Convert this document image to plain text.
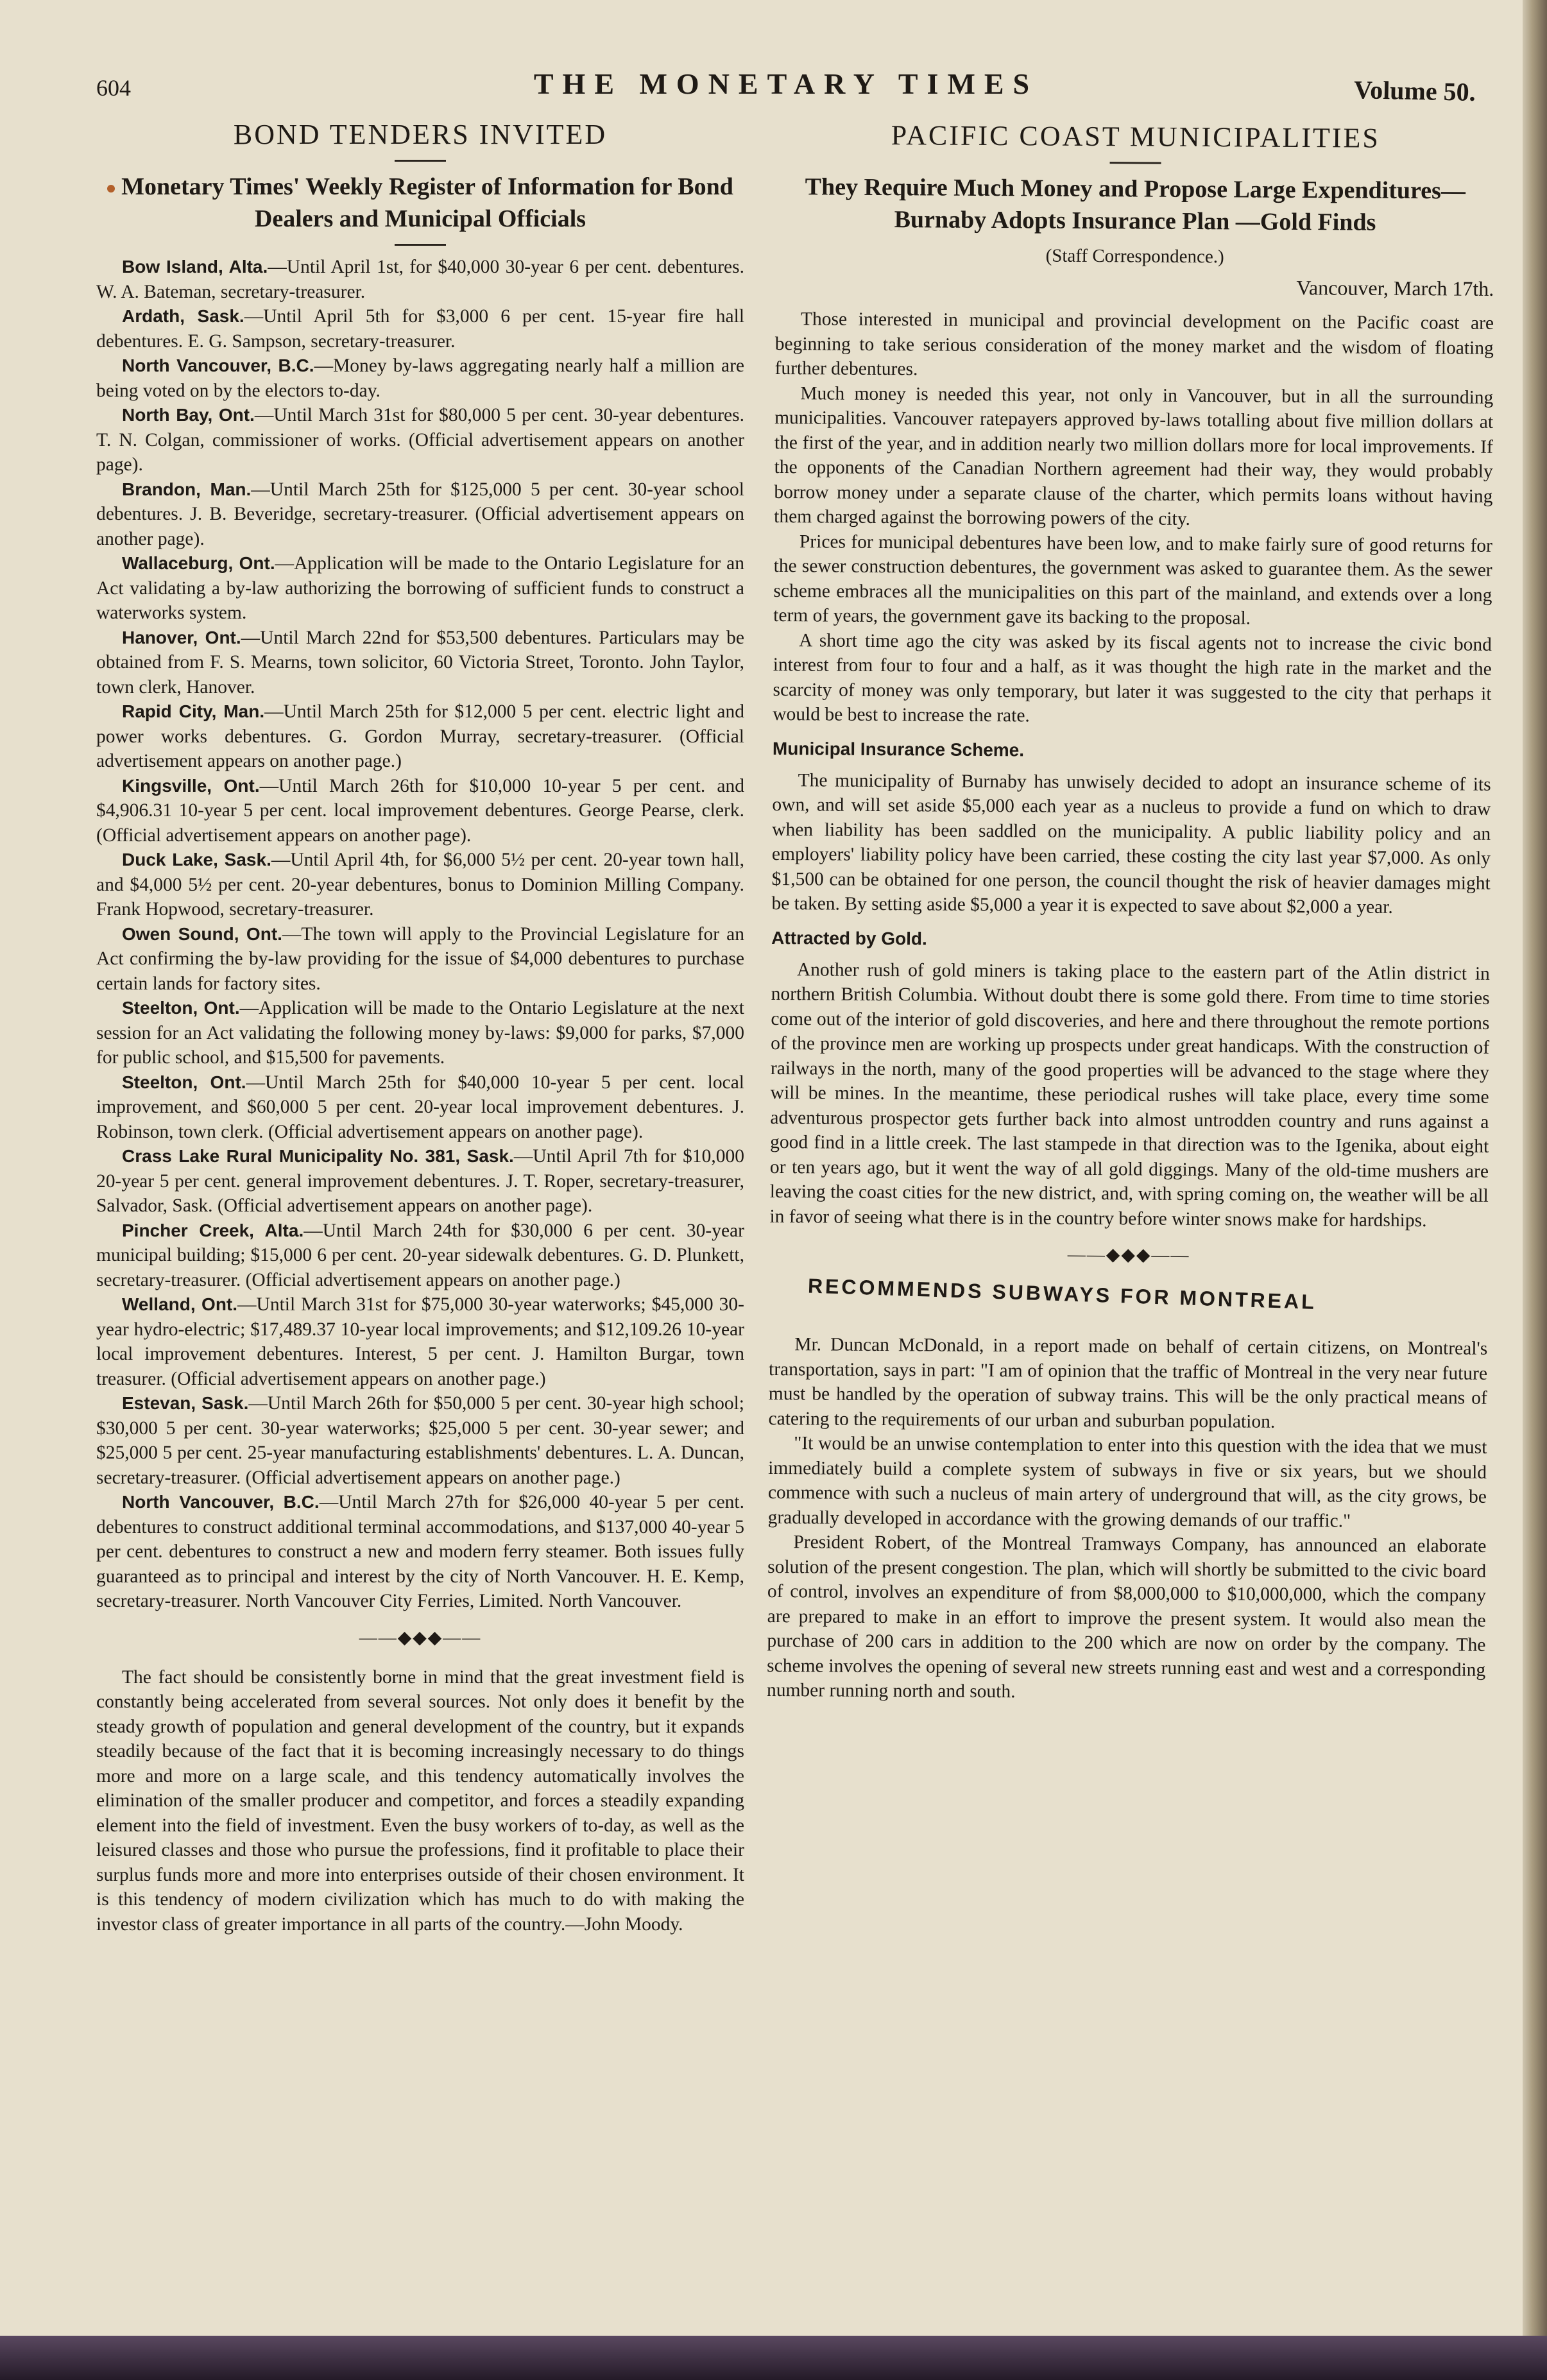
604	THE MONETARY TIMES	Volume 50.
BOND TENDERS INVITED
Monetary Times' Weekly Register of Information for Bond Dealers and Municipal Officials

Bow Island, Alta.—Until April 1st, for $40,000 30-year 6 per cent. debentures. W. A. Bateman, secretary-treasurer.

Ardath, Sask.—Until April 5th for $3,000 6 per cent. 15-year fire hall debentures. E. G. Sampson, secretary-treasurer.

North Vancouver, B.C.—Money by-laws aggregating nearly half a million are being voted on by the electors to-day.

North Bay, Ont.—Until March 31st for $80,000 5 per cent. 30-year debentures. T. N. Colgan, commissioner of works. (Official advertisement appears on another page).

Brandon, Man.—Until March 25th for $125,000 5 per cent. 30-year school debentures. J. B. Beveridge, secretary-treasurer. (Official advertisement appears on another page).

Wallaceburg, Ont.—Application will be made to the Ontario Legislature for an Act validating a by-law authorizing the borrowing of sufficient funds to construct a waterworks system.

Hanover, Ont.—Until March 22nd for $53,500 debentures. Particulars may be obtained from F. S. Mearns, town solicitor, 60 Victoria Street, Toronto. John Taylor, town clerk, Hanover.

Rapid City, Man.—Until March 25th for $12,000 5 per cent. electric light and power works debentures. G. Gordon Murray, secretary-treasurer. (Official advertisement appears on another page.)

Kingsville, Ont.—Until March 26th for $10,000 10-year 5 per cent. and $4,906.31 10-year 5 per cent. local improvement debentures. George Pearse, clerk. (Official advertisement appears on another page).

Duck Lake, Sask.—Until April 4th, for $6,000 5½ per cent. 20-year town hall, and $4,000 5½ per cent. 20-year debentures, bonus to Dominion Milling Company. Frank Hopwood, secretary-treasurer.

Owen Sound, Ont.—The town will apply to the Provincial Legislature for an Act confirming the by-law providing for the issue of $4,000 debentures to purchase certain lands for factory sites.

Steelton, Ont.—Application will be made to the Ontario Legislature at the next session for an Act validating the following money by-laws: $9,000 for parks, $7,000 for public school, and $15,500 for pavements.

Steelton, Ont.—Until March 25th for $40,000 10-year 5 per cent. local improvement, and $60,000 5 per cent. 20-year local improvement debentures. J. Robinson, town clerk. (Official advertisement appears on another page).

Crass Lake Rural Municipality No. 381, Sask.—Until April 7th for $10,000 20-year 5 per cent. general improvement debentures. J. T. Roper, secretary-treasurer, Salvador, Sask. (Official advertisement appears on another page).

Pincher Creek, Alta.—Until March 24th for $30,000 6 per cent. 30-year municipal building; $15,000 6 per cent. 20-year sidewalk debentures. G. D. Plunkett, secretary-treasurer. (Official advertisement appears on another page.)

Welland, Ont.—Until March 31st for $75,000 30-year waterworks; $45,000 30-year hydro-electric; $17,489.37 10-year local improvements; and $12,109.26 10-year local improvement debentures. Interest, 5 per cent. J. Hamilton Burgar, town treasurer. (Official advertisement appears on another page.)

Estevan, Sask.—Until March 26th for $50,000 5 per cent. 30-year high school; $30,000 5 per cent. 30-year waterworks; $25,000 5 per cent. 30-year sewer; and $25,000 5 per cent. 25-year manufacturing establishments' debentures. L. A. Duncan, secretary-treasurer. (Official advertisement appears on another page.)

North Vancouver, B.C.—Until March 27th for $26,000 40-year 5 per cent. debentures to construct additional terminal accommodations, and $137,000 40-year 5 per cent. debentures to construct a new and modern ferry steamer. Both issues fully guaranteed as to principal and interest by the city of North Vancouver. H. E. Kemp, secretary-treasurer. North Vancouver City Ferries, Limited. North Vancouver.

——◆◆◆——

The fact should be consistently borne in mind that the great investment field is constantly being accelerated from several sources. Not only does it benefit by the steady growth of population and general development of the country, but it expands steadily because of the fact that it is becoming increasingly necessary to do things more and more on a large scale, and this tendency automatically involves the elimination of the smaller producer and competitor, and forces a steadily expanding element into the field of investment. Even the busy workers of to-day, as well as the leisured classes and those who pursue the professions, find it profitable to place their surplus funds more and more into enterprises outside of their chosen environment. It is this tendency of modern civilization which has much to do with making the investor class of greater importance in all parts of the country.—John Moody.

PACIFIC COAST MUNICIPALITIES
They Require Much Money and Propose Large Expenditures—Burnaby Adopts Insurance Plan —Gold Finds
(Staff Correspondence.)
Vancouver, March 17th.

Those interested in municipal and provincial development on the Pacific coast are beginning to take serious consideration of the money market and the wisdom of floating further debentures.

Much money is needed this year, not only in Vancouver, but in all the surrounding municipalities. Vancouver ratepayers approved by-laws totalling about five million dollars at the first of the year, and in addition nearly two million dollars more for local improvements. If the opponents of the Canadian Northern agreement had their way, they would probably borrow money under a separate clause of the charter, which permits loans without having them charged against the borrowing powers of the city.

Prices for municipal debentures have been low, and to make fairly sure of good returns for the sewer construction debentures, the government was asked to guarantee them. As the sewer scheme embraces all the municipalities on this part of the mainland, and extends over a long term of years, the government gave its backing to the proposal.

A short time ago the city was asked by its fiscal agents not to increase the civic bond interest from four to four and a half, as it was thought the high rate in the market and the scarcity of money was only temporary, but later it was suggested to the city that perhaps it would be best to increase the rate.

Municipal Insurance Scheme.

The municipality of Burnaby has unwisely decided to adopt an insurance scheme of its own, and will set aside $5,000 each year as a nucleus to provide a fund on which to draw when liability has been saddled on the municipality. A public liability policy and an employers' liability policy have been carried, these costing the city last year $7,000. As only $1,500 can be obtained for one person, the council thought the risk of heavier damages might be taken. By setting aside $5,000 a year it is expected to save about $2,000 a year.

Attracted by Gold.

Another rush of gold miners is taking place to the eastern part of the Atlin district in northern British Columbia. Without doubt there is some gold there. From time to time stories come out of the interior of gold discoveries, and here and there throughout the remote portions of the province men are working up prospects under great handicaps. With the construction of railways in the north, many of the good properties will be advanced to the stage where they will be mines. In the meantime, these periodical rushes will take place, every time some adventurous prospector gets further back into almost untrodden country and runs against a good find in a little creek. The last stampede in that direction was to the Igenika, about eight or ten years ago, but it went the way of all gold diggings. Many of the old-time mushers are leaving the coast cities for the new district, and, with spring coming on, the weather will be all in favor of seeing what there is in the country before winter snows make for hardships.

——◆◆◆——
RECOMMENDS SUBWAYS FOR MONTREAL

Mr. Duncan McDonald, in a report made on behalf of certain citizens, on Montreal's transportation, says in part: "I am of opinion that the traffic of Montreal in the very near future must be handled by the operation of subway trains. This will be the only practical means of catering to the requirements of our urban and suburban population.

"It would be an unwise contemplation to enter into this question with the idea that we must immediately build a complete system of subways in five or six years, but we should commence with such a nucleus of main artery of underground that will, as the city grows, be gradually developed in accordance with the growing demands of our traffic."

President Robert, of the Montreal Tramways Company, has announced an elaborate solution of the present congestion. The plan, which will shortly be submitted to the civic board of control, involves an expenditure of from $8,000,000 to $10,000,000, which the company are prepared to make in an effort to improve the present system. It would also mean the purchase of 200 cars in addition to the 200 which are now on order by the company. The scheme involves the opening of several new streets running east and west and a corresponding number running north and south.
